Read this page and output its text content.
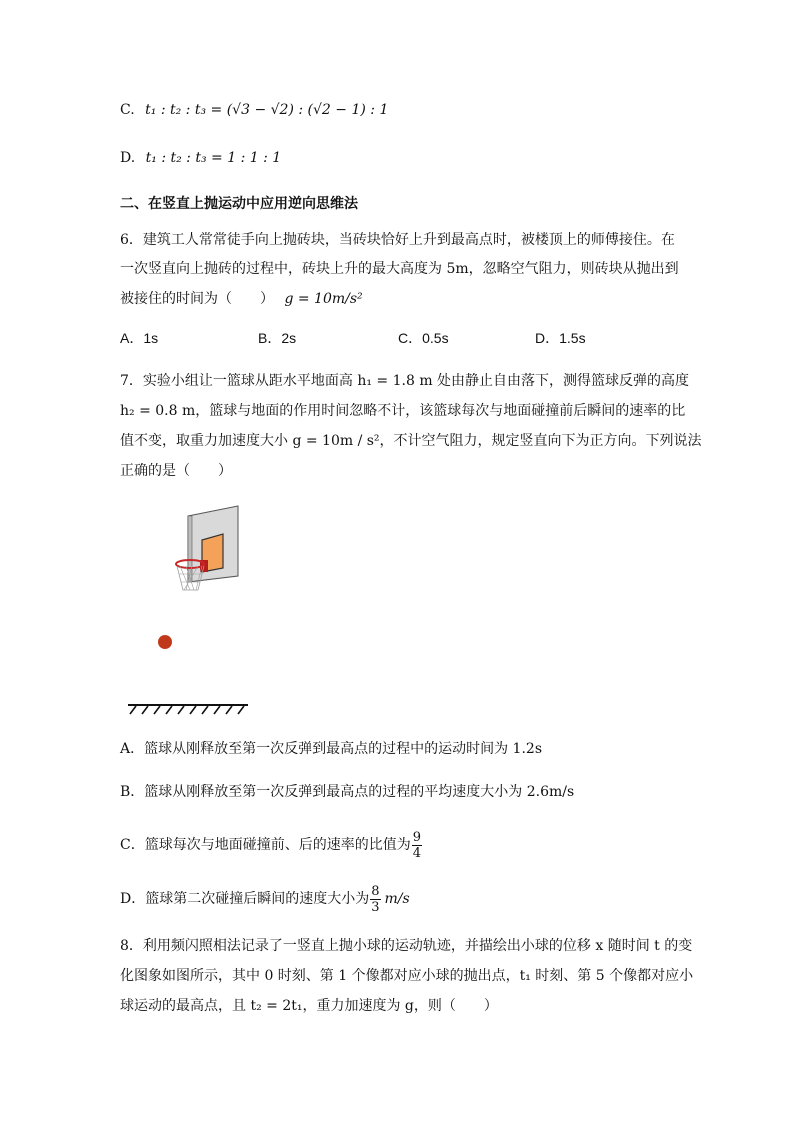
C. t₁ : t₂ : t₃ = (√3 − √2) : (√2 − 1) : 1
D. t₁ : t₂ : t₃ = 1 : 1 : 1
二、在竖直上抛运动中应用逆向思维法
6．建筑工人常常徒手向上抛砖块，当砖块恰好上升到最高点时，被楼顶上的师傅接住。在
一次竖直向上抛砖的过程中，砖块上升的最大高度为 5m，忽略空气阻力，则砖块从抛出到
被接住的时间为（　　） g = 10m/s²
A．1s	B．2s	C．0.5s	D．1.5s
7．实验小组让一篮球从距水平地面高 h₁ = 1.8 m 处由静止自由落下，测得篮球反弹的高度
h₂ = 0.8 m，篮球与地面的作用时间忽略不计，该篮球每次与地面碰撞前后瞬间的速率的比
值不变，取重力加速度大小 g = 10m / s²，不计空气阻力，规定竖直向下为正方向。下列说法
正确的是（　　）
A．篮球从刚释放至第一次反弹到最高点的过程中的运动时间为 1.2s
B．篮球从刚释放至第一次反弹到最高点的过程的平均速度大小为 2.6m/s
C．篮球每次与地面碰撞前、后的速率的比值为 $\frac{9}{4}$
D．篮球第二次碰撞后瞬间的速度大小为 $\frac{8}{3} m/s$
8．利用频闪照相法记录了一竖直上抛小球的运动轨迹，并描绘出小球的位移 x 随时间 t 的变
化图象如图所示，其中 0 时刻、第 1 个像都对应小球的抛出点，t₁ 时刻、第 5 个像都对应小
球运动的最高点，且 t₂ = 2t₁，重力加速度为 g，则（　　）
